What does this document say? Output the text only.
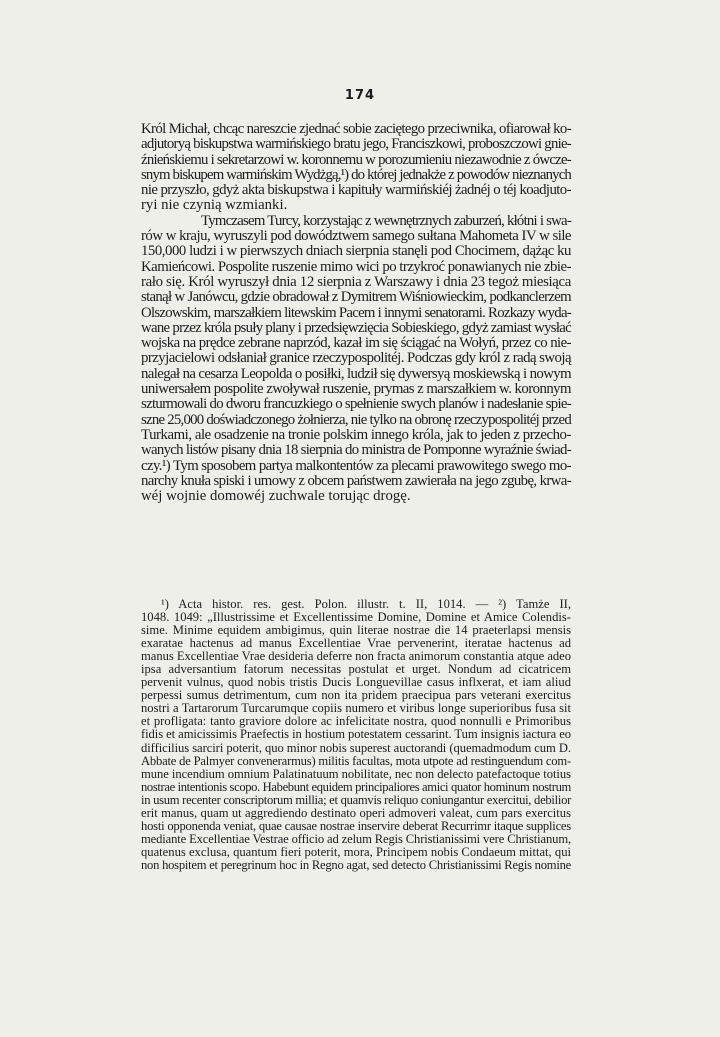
174
Król Michał, chcąc nareszcie zjednać sobie zaciętego przeciwnika, ofiarował ko-
adjutoryą biskupstwa warmińskiego bratu jego, Franciszkowi, proboszczowi gnie-
źnieńskiemu i sekretarzowi w. koronnemu w porozumieniu niezawodnie z ówcze-
snym biskupem warmińskim Wydżgą,¹) do której jednakże z powodów nieznanych
nie przyszło, gdyż akta biskupstwa i kapituły warmińskiéj żadnéj o téj koadjuto-
ryi nie czynią wzmianki.
Tymczasem Turcy, korzystając z wewnętrznych zaburzeń, kłótni i swa-
rów w kraju, wyruszyli pod dowództwem samego sułtana Mahometa IV w sile
150,000 ludzi i w pierwszych dniach sierpnia stanęli pod Chocimem, dążąc ku
Kamieńcowi. Pospolite ruszenie mimo wici po trzykroć ponawianych nie zbie-
rało się. Król wyruszył dnia 12 sierpnia z Warszawy i dnia 23 tegoż miesiąca
stanął w Janówcu, gdzie obradował z Dymitrem Wiśniowieckim, podkanclerzem
Olszowskim, marszałkiem litewskim Pacem i innymi senatorami. Rozkazy wyda-
wane przez króla psuły plany i przedsięwzięcia Sobieskiego, gdyż zamiast wysłać
wojska na prędce zebrane naprzód, kazał im się ściągać na Wołyń, przez co nie-
przyjacielowi odsłaniał granice rzeczypospolitéj. Podczas gdy król z radą swoją
nalegał na cesarza Leopolda o posiłki, ludził się dywersyą moskiewską i nowym
uniwersałem pospolite zwoływał ruszenie, prymas z marszałkiem w. koronnym
szturmowali do dworu francuzkiego o spełnienie swych planów i nadesłanie spie-
szne 25,000 doświadczonego żołnierza, nie tylko na obronę rzeczypospolitéj przed
Turkami, ale osadzenie na tronie polskim innego króla, jak to jeden z przecho-
wanych listów pisany dnia 18 sierpnia do ministra de Pomponne wyraźnie świad-
czy.¹) Tym sposobem partya malkontentów za plecami prawowitego swego mo-
narchy knuła spiski i umowy z obcem państwem zawierała na jego zgubę, krwa-
wéj wojnie domowéj zuchwale torując drogę.
¹) Acta histor. res. gest. Polon. illustr. t. II, 1014. — ²) Tamże II,
1048. 1049: „Illustrissime et Excellentissime Domine, Domine et Amice Colendis-
sime. Minime equidem ambigimus, quin literae nostrae die 14 praeterlapsi mensis
exaratae hactenus ad manus Excellentiae Vrae pervenerint, iteratae hactenus ad
manus Excellentiae Vrae desideria deferre non fracta animorum constantia atque adeo
ipsa adversantium fatorum necessitas postulat et urget. Nondum ad cicatricem
pervenit vulnus, quod nobis tristis Ducis Longuevillae casus inflxerat, et iam aliud
perpessi sumus detrimentum, cum non ita pridem praecipua pars veterani exercitus
nostri a Tartarorum Turcarumque copiis numero et viribus longe superioribus fusa sit
et profligata: tanto graviore dolore ac infelicitate nostra, quod nonnulli e Primoribus
fidis et amicissimis Praefectis in hostium potestatem cessarint. Tum insignis iactura eo
difficilius sarciri poterit, quo minor nobis superest auctorandi (quemadmodum cum D.
Abbate de Palmyer convenerarmus) militis facultas, mota utpote ad restinguendum com-
mune incendium omnium Palatinatuum nobilitate, nec non delecto patefactoque totius
nostrae intentionis scopo. Habebunt equidem principaliores amici quator hominum nostrum
in usum recenter conscriptorum millia; et quamvis reliquo coniungantur exercitui, debilior
erit manus, quam ut aggrediendo destinato operi admoveri valeat, cum pars exercitus
hosti opponenda veniat, quae causae nostrae inservire deberat Recurrimr itaque supplices
mediante Excellentiae Vestrae officio ad zelum Regis Christianissimi vere Christianum,
quatenus exclusa, quantum fieri poterit, mora, Principem nobis Condaeum mittat, qui
non hospitem et peregrinum hoc in Regno agat, sed detecto Christianissimi Regis nomine
